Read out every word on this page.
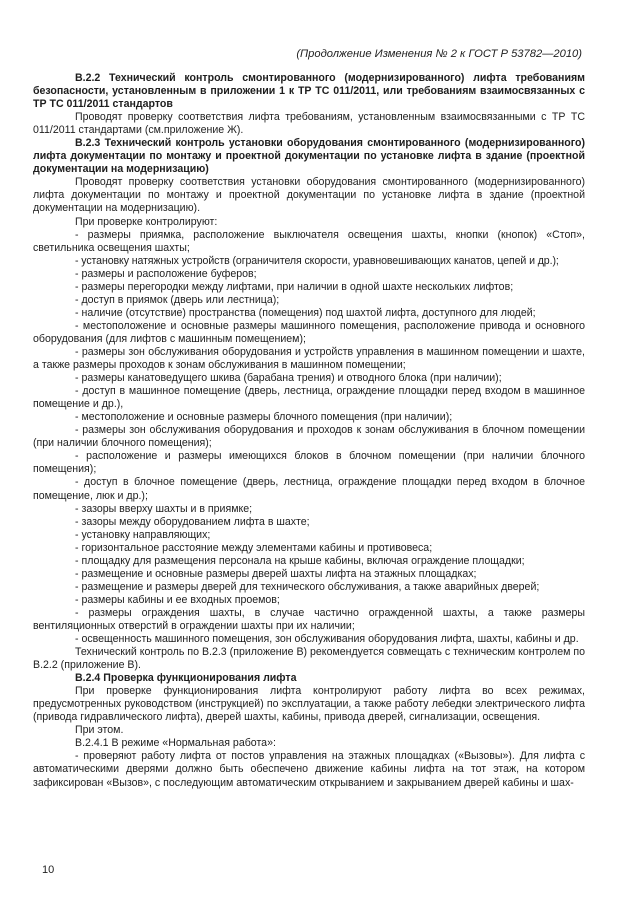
(Продолжение Изменения № 2 к ГОСТ Р 53782—2010)

В.2.2 Технический контроль смонтированного (модернизированного) лифта требованиям безопасности, установленным в приложении 1 к ТР ТС 011/2011, или требованиям взаимосвязанных с ТР ТС 011/2011 стандартов

Проводят проверку соответствия лифта требованиям, установленным взаимосвязанными с ТР ТС 011/2011 стандартами (см.приложение Ж).

В.2.3 Технический контроль установки оборудования смонтированного (модернизированного) лифта документации по монтажу и проектной документации по установке лифта в здание (проектной документации на модернизацию)

Проводят проверку соответствия установки оборудования смонтированного (модернизированного) лифта документации по монтажу и проектной документации по установке лифта в здание (проектной документации на модернизацию).

При проверке контролируют:

- размеры приямка, расположение выключателя освещения шахты, кнопки (кнопок) «Стоп», светильника освещения шахты;

- установку натяжных устройств (ограничителя скорости, уравновешивающих канатов, цепей и др.);

- размеры и расположение буферов;

- размеры перегородки между лифтами, при наличии в одной шахте нескольких лифтов;

- доступ в приямок (дверь или лестница);

- наличие (отсутствие) пространства (помещения) под шахтой лифта, доступного для людей;

- местоположение и основные размеры машинного помещения, расположение привода и основного оборудования (для лифтов с машинным помещением);

- размеры зон обслуживания оборудования и устройств управления в машинном помещении и шахте, а также размеры проходов к зонам обслуживания в машинном помещении;

- размеры канатоведущего шкива (барабана трения) и отводного блока (при наличии);

- доступ в машинное помещение (дверь, лестница, ограждение площадки перед входом в машинное помещение и др.),

- местоположение и основные размеры блочного помещения (при наличии);

- размеры зон обслуживания оборудования и проходов к зонам обслуживания в блочном помещении (при наличии блочного помещения);

- расположение и размеры имеющихся блоков в блочном помещении (при наличии блочного помещения);

- доступ в блочное помещение (дверь, лестница, ограждение площадки перед входом в блочное помещение, люк и др.);

- зазоры вверху шахты и в приямке;

- зазоры между оборудованием лифта в шахте;

- установку направляющих;

- горизонтальное расстояние между элементами кабины и противовеса;

- площадку для размещения персонала на крыше кабины, включая ограждение площадки;

- размещение и основные размеры дверей шахты лифта на этажных площадках;

- размещение и размеры дверей для технического обслуживания, а также аварийных дверей;

- размеры кабины и ее входных проемов;

- размеры ограждения шахты, в случае частично огражденной шахты, а также размеры вентиляционных отверстий в ограждении шахты при их наличии;

- освещенность машинного помещения, зон обслуживания оборудования лифта, шахты, кабины и др.

Технический контроль по В.2.3 (приложение В) рекомендуется совмещать с техническим контролем по В.2.2 (приложение В).

В.2.4 Проверка функционирования лифта

При проверке функционирования лифта контролируют работу лифта во всех режимах, предусмотренных руководством (инструкцией) по эксплуатации, а также работу лебедки электрического лифта (привода гидравлического лифта), дверей шахты, кабины, привода дверей, сигнализации, освещения.

При этом.

В.2.4.1 В режиме «Нормальная работа»:

- проверяют работу лифта от постов управления на этажных площадках («Вызовы»). Для лифта с автоматическими дверями должно быть обеспечено движение кабины лифта на тот этаж, на котором зафиксирован «Вызов», с последующим автоматическим открыванием и закрыванием дверей кабины и шах-

10
